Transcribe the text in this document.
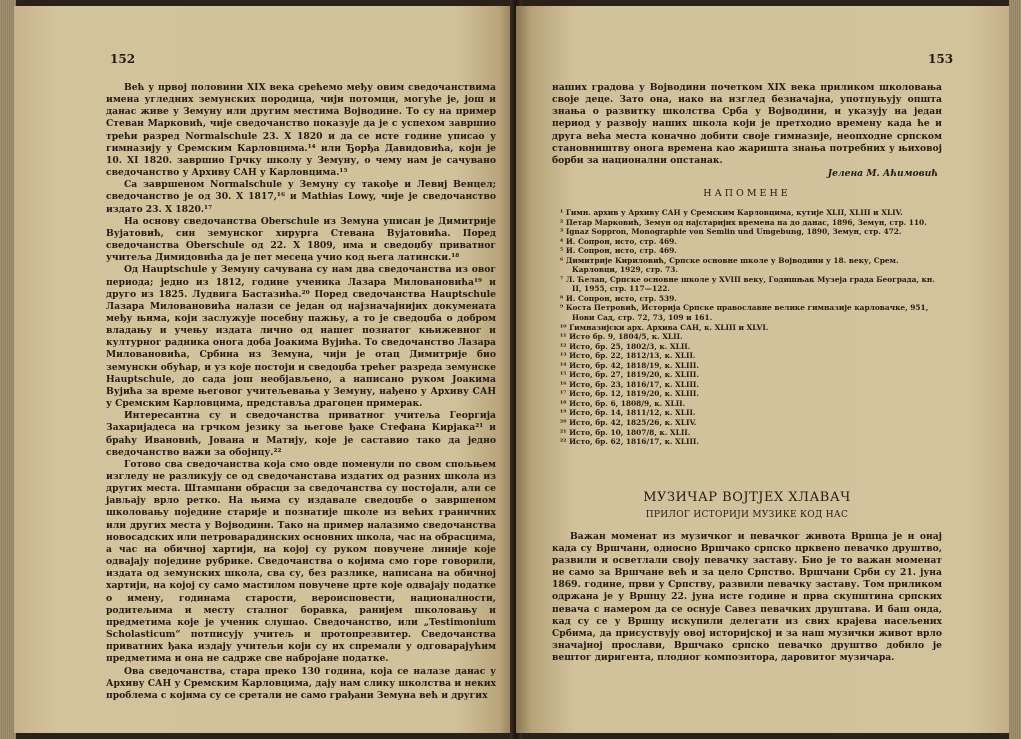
152

Већ у првој половини XIX века срећемо међу овим сведочанствима имена угледних земунских породица, чији потомци, могуће је, још и данас живе у Земуну или другим местима Војводине. То су на пример Стеван Марковић, чије сведочанство показује да је с успехом завршио трећи разред Normalschule 23. X 1820 и да се исте године уписао у гимназију у Сремским Карловцима.¹⁴ или Ђорђа Давидовића, који је 10. XI 1820. завршио Грчку школу у Земуну, о чему нам је сачувано сведочанство у Архиву САН у Карловцима.¹⁵

Са завршеном Normalschule у Земуну су такође и Левиј Венцел; сведочанство је од 30. X 1817,¹⁶ и Mathias Lowy, чије је сведочанство издато 23. X 1820.¹⁷

На основу сведочанства Oberschule из Земуна уписан је Димитрије Вујатовић, син земунског хирурга Стевана Вујатовића. Поред сведочанства Oberschule од 22. X 1809, има и сведоџбу приватног учитеља Димидовића да је пет месеца учио код њега латински.¹⁸

Од Hauptschule у Земуну сачувана су нам два сведочанства из овог периода; једно из 1812, године ученика Лазара Миловановића¹⁹ и друго из 1825. Лудвига Бастазића.²⁰ Поред сведочанства Hauptschule Лазара Миловановића налази се један од најзначајнијих докумената међу њима, који заслужује посебну пажњу, а то је сведоџба о добром владању и учењу издата лично од нашег познатог књижевног и културног радника онога доба Јоакима Вујића. То сведочанство Лазара Миловановића, Србина из Земуна, чији је отац Димитрије био земунски обућар, и уз које постоји и сведоџба трећег разреда земунске Hauptschule, до сада још необјављено, а написано руком Јоакима Вујића за време његовог учитељевања у Земуну, нађено у Архиву САН у Сремским Карловцима, представља драгоцен примерак.

Интересантна су и сведочанства приватног учитеља Георгија Захаријадеса на грчком језику за његове ђаке Стефана Кирјака²¹ и браћу Ивановић, Јована и Матију, које је саставио тако да једно сведочанство важи за обојицу.²²

Готово сва сведочанства која смо овде поменули по свом спољњем изгледу не разликују се од сведочанстава издатих од разних школа из других места. Штампани обрасци за сведочанства су постојали, али се јављају врло ретко. На њима су издавале сведоџбе о завршеном школовању поједине старије и познатије школе из већих граничних или других места у Војводини. Тако на пример налазимо сведочанства новосадских или петроварадинских основних школа, час на обрасцима, а час на обичној хартији, на којој су руком повучене линије које одвајају поједине рубрике. Сведочанства о којима смо горе говорили, издата од земунских школа, сва су, без разлике, написана на обичној хартији, на којој су само мастилом повучене црте које одвајају податке о имену, годинама старости, вероисповести, националности, родитељима и месту сталног боравка, ранијем школовању и предметима које је ученик слушао. Сведочанство, или „Testimonium Scholasticum“ потписују учитељ и протопрезвитер. Сведочанства приватних ђака издају учитељи који су их спремали у одговарајућим предметима и она не садрже све набројане податке.

Ова сведочанства, стара преко 130 година, која се налазе данас у Архиву САН у Сремским Карловцима, дају нам слику школства и неких проблема с којима су се сретали не само грађани Земуна већ и других

153

наших градова у Војводини почетком XIX века приликом школовања своје деце. Зато она, иако на изглед безначајна, употпуњују општа знања о развитку школства Срба у Војводини, и указују на један период у развоју наших школа који је претходио времену када ће и друга већа места коначно добити своје гимназије, неопходне српском становништву онога времена као жаришта знања потребних у њиховој борби за национални опстанак.

Јелена М. Аћимовић
НАПОМЕНЕ
¹ Гимн. архив у Архиву САН у Сремским Карловцима, кутије XLII, XLIII и XLIV.
² Петар Марковић, Земун од најстаријих времена па до данас, 1896, Земун, стр. 110.
³ Ignaz Soppron, Monographie von Semlin und Umgebung, 1890, Земун, стр. 472.
⁴ И. Сопрон, исто, стр. 469.
⁵ И. Сопрон, исто, стр. 469.
⁶ Димитрије Кириловић, Српске основне школе у Војводини у 18. веку, Срем. Карловци, 1929, стр. 73.
⁷ Л. Ћелап, Српске основне школе у XVIII веку, Годишњак Музеја града Београда, кн. II, 1955, стр. 117—122.
⁸ И. Сопрон, исто, стр. 539.
⁹ Коста Петровић, Историја Српске православне велике гимназије карловачке, 951, Нови Сад, стр. 72, 73, 109 и 161.
¹⁰ Гимназијски арх. Архива САН, к. XLIII и XLVI.
¹¹ Исто бр. 9, 1804/5, к. XLII.
¹² Исто, бр. 25, 1802/3, к. XLII.
¹³ Исто, бр. 22, 1812/13, к. XLII.
¹⁴ Исто, бр. 42, 1818/19, к. XLIII.
¹⁵ Исто, бр. 27, 1819/20, к. XLIII.
¹⁶ Исто, бр. 23, 1816/17, к. XLIII.
¹⁷ Исто, бр. 12, 1819/20, к. XLIII.
¹⁸ Исто, бр. 6, 1808/9, к. XLII.
¹⁹ Исто, бр. 14, 1811/12, к. XLII.
²⁰ Исто, бр. 42, 1825/26, к. XLIV.
²¹ Исто, бр. 10, 1807/8, к. XLII.
²² Исто, бр. 62, 1816/17, к. XLIII.
МУЗИЧАР ВОЈТЈЕХ ХЛАВАЧ
ПРИЛОГ ИСТОРИЈИ МУЗИКЕ КОД НАС

Важан моменат из музичког и певачког живота Вршца је и онај када су Вршчани, односно Вршчако српско црквено певачко друштво, развили и осветлали своју певачку заставу. Био је то важан моменат не само за Вршчане већ и за цело Српство. Вршчани Срби су 21. јуна 1869. године, први у Српству, развили певачку заставу. Том приликом одржана је у Вршцу 22. јуна исте године и прва скупштина српских певача с намером да се оснује Савез певачких друштава. И баш онда, кад су се у Вршцу искупили делегати из свих крајева насељених Србима, да присуствују овој историјској и за наш музички живот врло значајној прослави, Вршчако српско певачко друштво добило је вештог диригента, плодног композитора, даровитог музичара.
